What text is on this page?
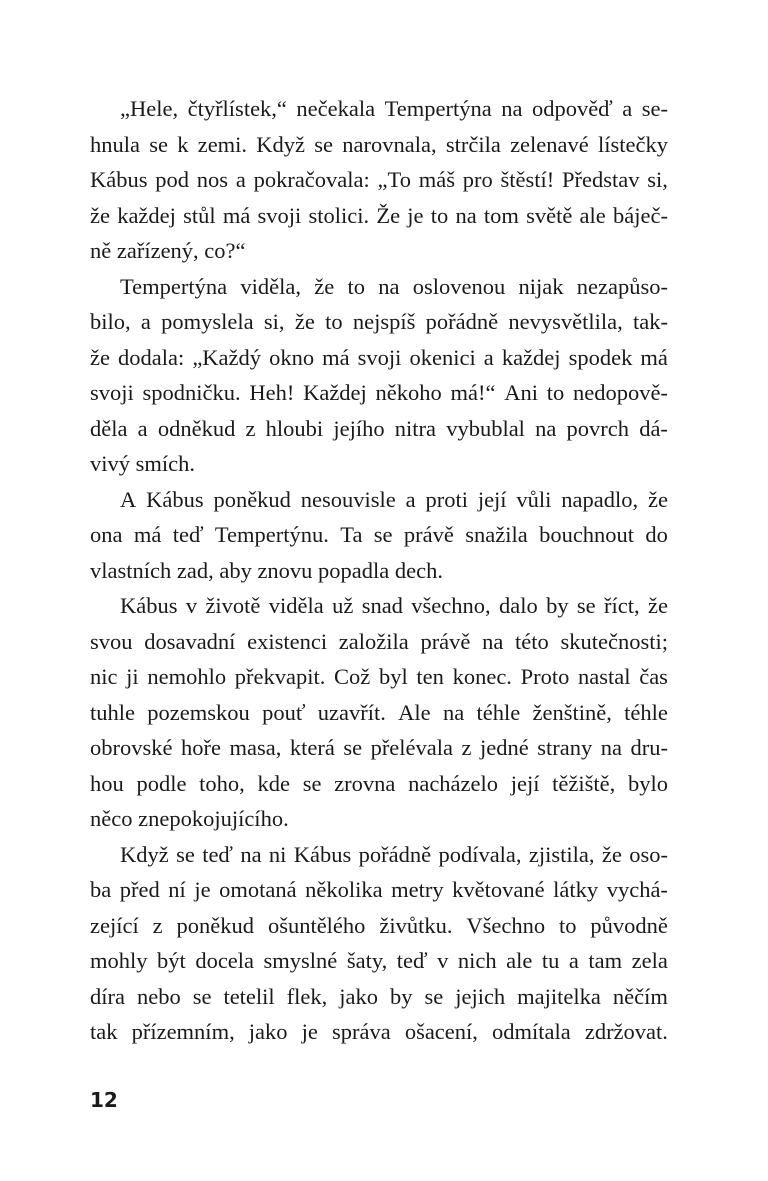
„Hele, čtyřlístek,“ nečekala Tempertýna na odpověď a se-
hnula se k zemi. Když se narovnala, strčila zelenavé lístečky
Kábus pod nos a pokračovala: „To máš pro štěstí! Představ si,
že každej stůl má svoji stolici. Že je to na tom světě ale báječ-
ně zařízený, co?“
Tempertýna viděla, že to na oslovenou nijak nezapůso-
bilo, a pomyslela si, že to nejspíš pořádně nevysvětlila, tak-
že dodala: „Každý okno má svoji okenici a každej spodek má
svoji spodničku. Heh! Každej někoho má!“ Ani to nedopově-
děla a odněkud z hloubi jejího nitra vybublal na povrch dá-
vivý smích.
A Kábus poněkud nesouvisle a proti její vůli napadlo, že
ona má teď Tempertýnu. Ta se právě snažila bouchnout do
vlastních zad, aby znovu popadla dech.
Kábus v životě viděla už snad všechno, dalo by se říct, že
svou dosavadní existenci založila právě na této skutečnosti;
nic ji nemohlo překvapit. Což byl ten konec. Proto nastal čas
tuhle pozemskou pouť uzavřít. Ale na téhle ženštině, téhle
obrovské hoře masa, která se přelévala z jedné strany na dru-
hou podle toho, kde se zrovna nacházelo její těžiště, bylo
něco znepokojujícího.
Když se teď na ni Kábus pořádně podívala, zjistila, že oso-
ba před ní je omotaná několika metry květované látky vychá-
zející z poněkud ošuntělého živůtku. Všechno to původně
mohly být docela smyslné šaty, teď v nich ale tu a tam zela
díra nebo se tetelil flek, jako by se jejich majitelka něčím
tak přízemním, jako je správa ošacení, odmítala zdržovat.
12
